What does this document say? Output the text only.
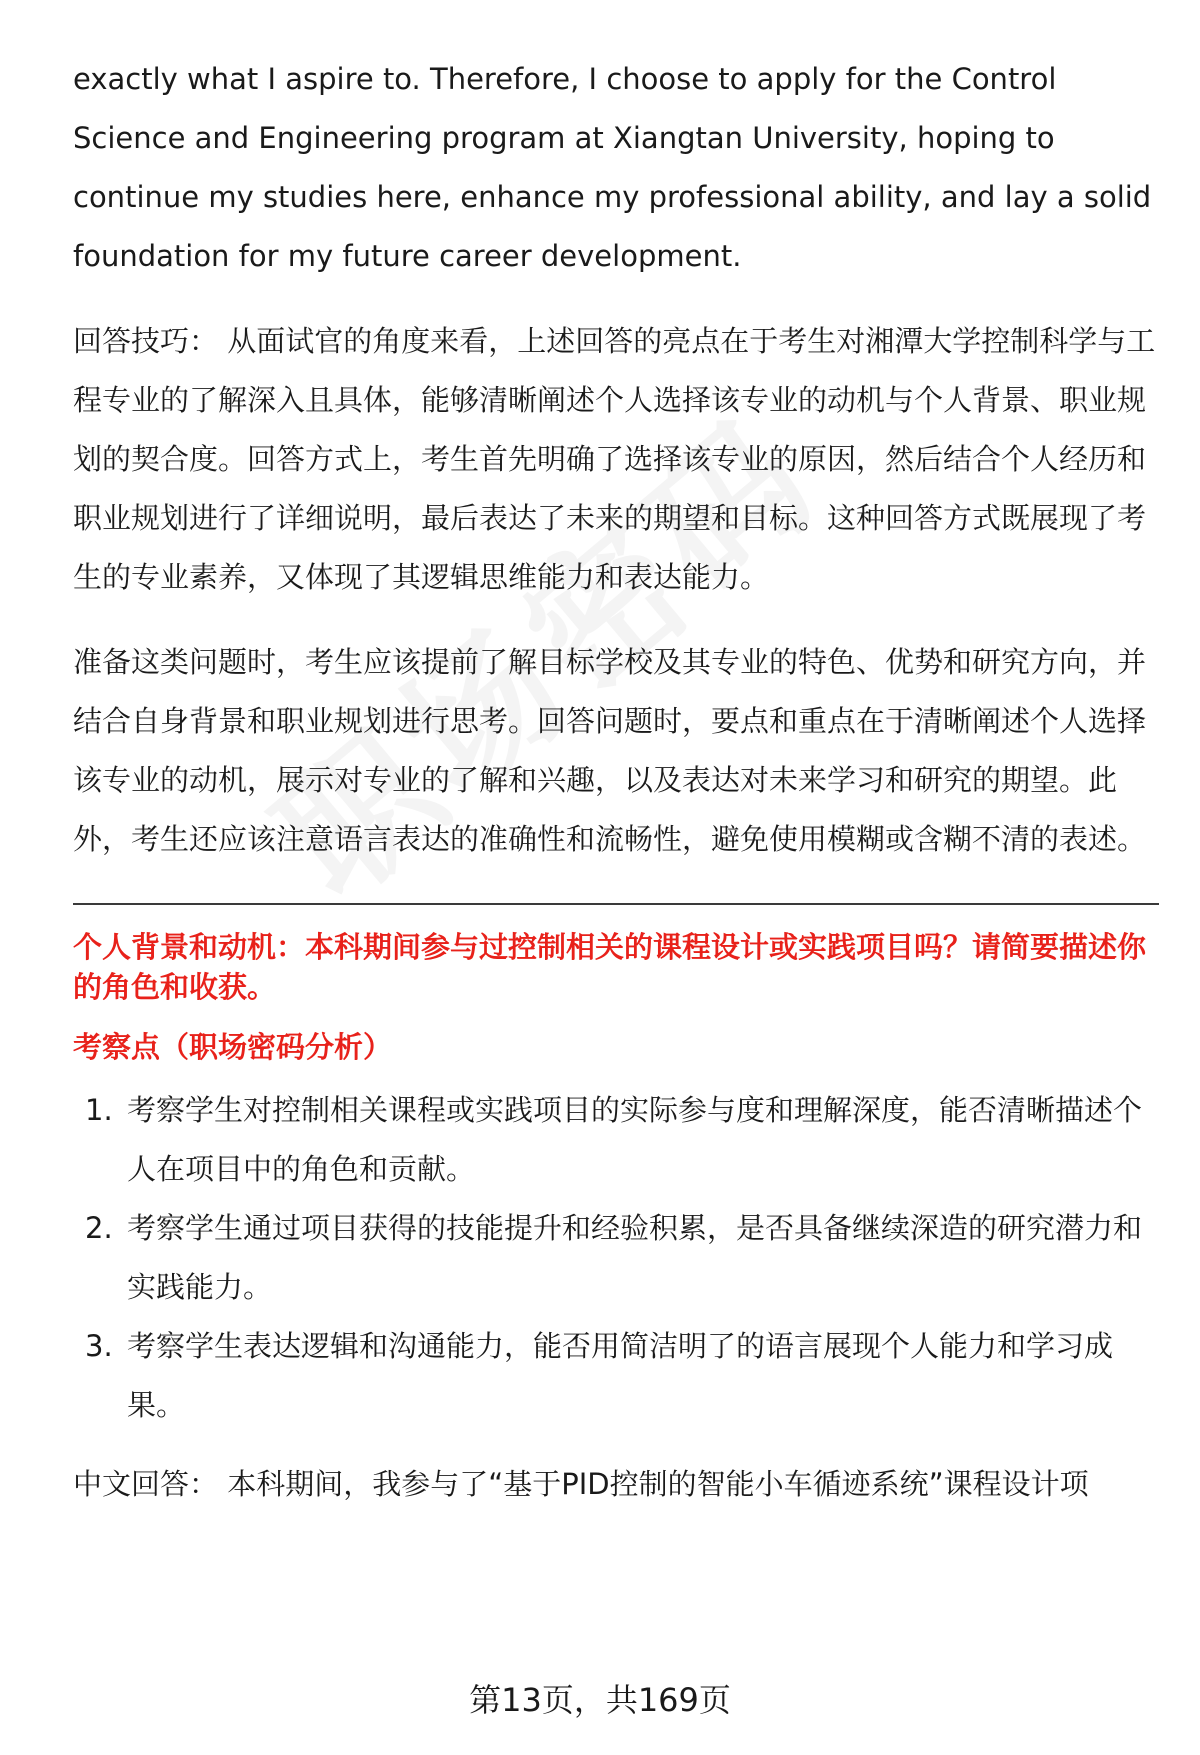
exactly what I aspire to. Therefore, I choose to apply for the Control Science and Engineering program at Xiangtan University, hoping to continue my studies here, enhance my professional ability, and lay a solid foundation for my future career development.

回答技巧： 从面试官的角度来看，上述回答的亮点在于考生对湘潭大学控制科学与工程专业的了解深入且具体，能够清晰阐述个人选择该专业的动机与个人背景、职业规划的契合度。回答方式上，考生首先明确了选择该专业的原因，然后结合个人经历和职业规划进行了详细说明，最后表达了未来的期望和目标。这种回答方式既展现了考生的专业素养，又体现了其逻辑思维能力和表达能力。

准备这类问题时，考生应该提前了解目标学校及其专业的特色、优势和研究方向，并结合自身背景和职业规划进行思考。回答问题时，要点和重点在于清晰阐述个人选择该专业的动机，展示对专业的了解和兴趣，以及表达对未来学习和研究的期望。此外，考生还应该注意语言表达的准确性和流畅性，避免使用模糊或含糊不清的表述。

个人背景和动机：本科期间参与过控制相关的课程设计或实践项目吗？请简要描述你的角色和收获。

考察点（职场密码分析）

1. 考察学生对控制相关课程或实践项目的实际参与度和理解深度，能否清晰描述个人在项目中的角色和贡献。
2. 考察学生通过项目获得的技能提升和经验积累，是否具备继续深造的研究潜力和实践能力。
3. 考察学生表达逻辑和沟通能力，能否用简洁明了的语言展现个人能力和学习成果。

中文回答： 本科期间，我参与了“基于PID控制的智能小车循迹系统”课程设计项

第13页，共169页
